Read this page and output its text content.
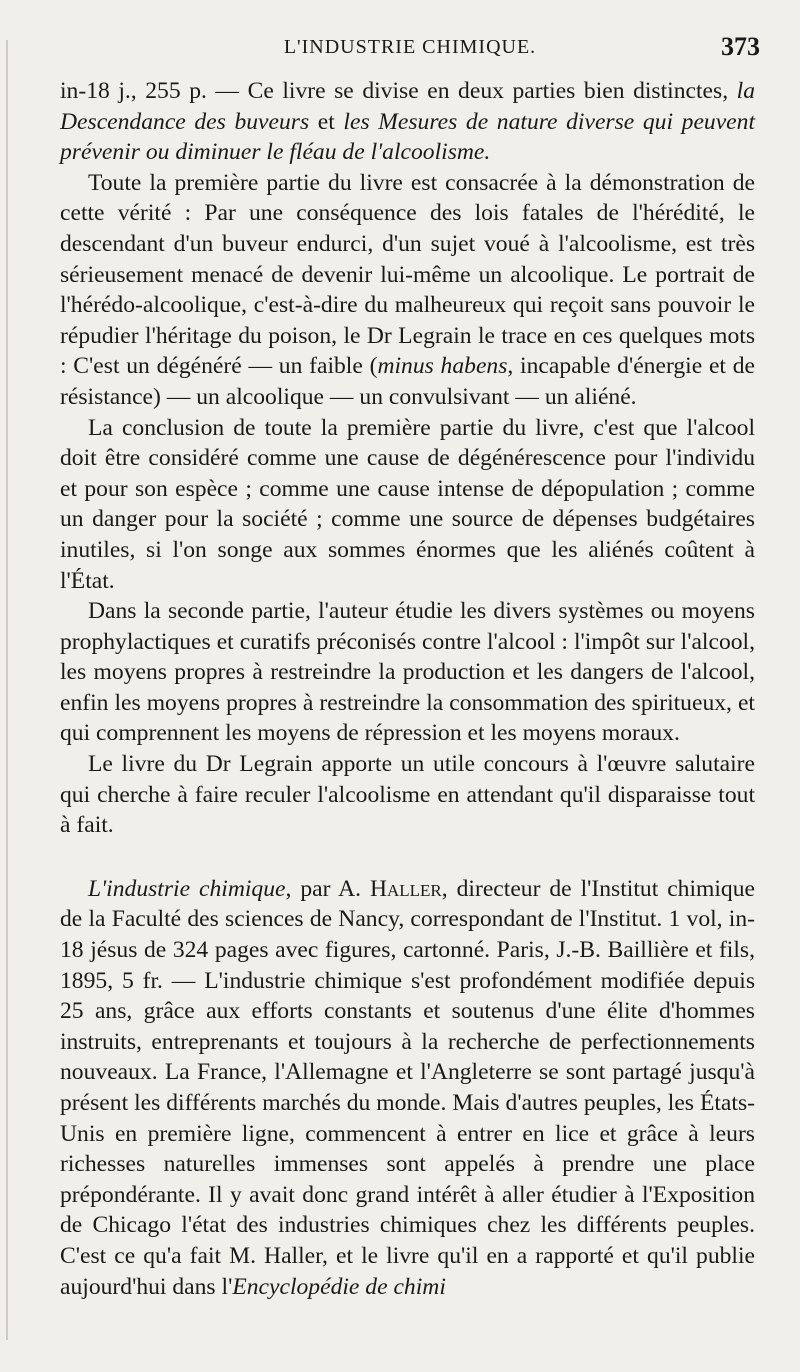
L'INDUSTRIE CHIMIQUE.	373

in-18 j., 255 p. — Ce livre se divise en deux parties bien distinctes, la Descendance des buveurs et les Mesures de nature diverse qui peuvent prévenir ou diminuer le fléau de l'alcoolisme.

Toute la première partie du livre est consacrée à la démonstration de cette vérité : Par une conséquence des lois fatales de l'hérédité, le descendant d'un buveur endurci, d'un sujet voué à l'alcoolisme, est très sérieusement menacé de devenir lui-même un alcoolique. Le portrait de l'hérédo-alcoolique, c'est-à-dire du malheureux qui reçoit sans pouvoir le répudier l'héritage du poison, le Dr Legrain le trace en ces quelques mots : C'est un dégénéré — un faible (minus habens, incapable d'énergie et de résistance) — un alcoolique — un convulsivant — un aliéné.

La conclusion de toute la première partie du livre, c'est que l'alcool doit être considéré comme une cause de dégénérescence pour l'individu et pour son espèce ; comme une cause intense de dépopulation ; comme un danger pour la société ; comme une source de dépenses budgétaires inutiles, si l'on songe aux sommes énormes que les aliénés coûtent à l'État.

Dans la seconde partie, l'auteur étudie les divers systèmes ou moyens prophylactiques et curatifs préconisés contre l'alcool : l'impôt sur l'alcool, les moyens propres à restreindre la production et les dangers de l'alcool, enfin les moyens propres à restreindre la consommation des spiritueux, et qui comprennent les moyens de répression et les moyens moraux.

Le livre du Dr Legrain apporte un utile concours à l'œuvre salutaire qui cherche à faire reculer l'alcoolisme en attendant qu'il disparaisse tout à fait.

L'industrie chimique, par A. Haller, directeur de l'Institut chimique de la Faculté des sciences de Nancy, correspondant de l'Institut. 1 vol, in-18 jésus de 324 pages avec figures, cartonné. Paris, J.-B. Baillière et fils, 1895, 5 fr. — L'industrie chimique s'est profondément modifiée depuis 25 ans, grâce aux efforts constants et soutenus d'une élite d'hommes instruits, entreprenants et toujours à la recherche de perfectionnements nouveaux. La France, l'Allemagne et l'Angleterre se sont partagé jusqu'à présent les différents marchés du monde. Mais d'autres peuples, les États-Unis en première ligne, commencent à entrer en lice et grâce à leurs richesses naturelles immenses sont appelés à prendre une place prépondérante. Il y avait donc grand intérêt à aller étudier à l'Exposition de Chicago l'état des industries chimiques chez les différents peuples. C'est ce qu'a fait M. Haller, et le livre qu'il en a rapporté et qu'il publie aujourd'hui dans l'Encyclopédie de chimi
